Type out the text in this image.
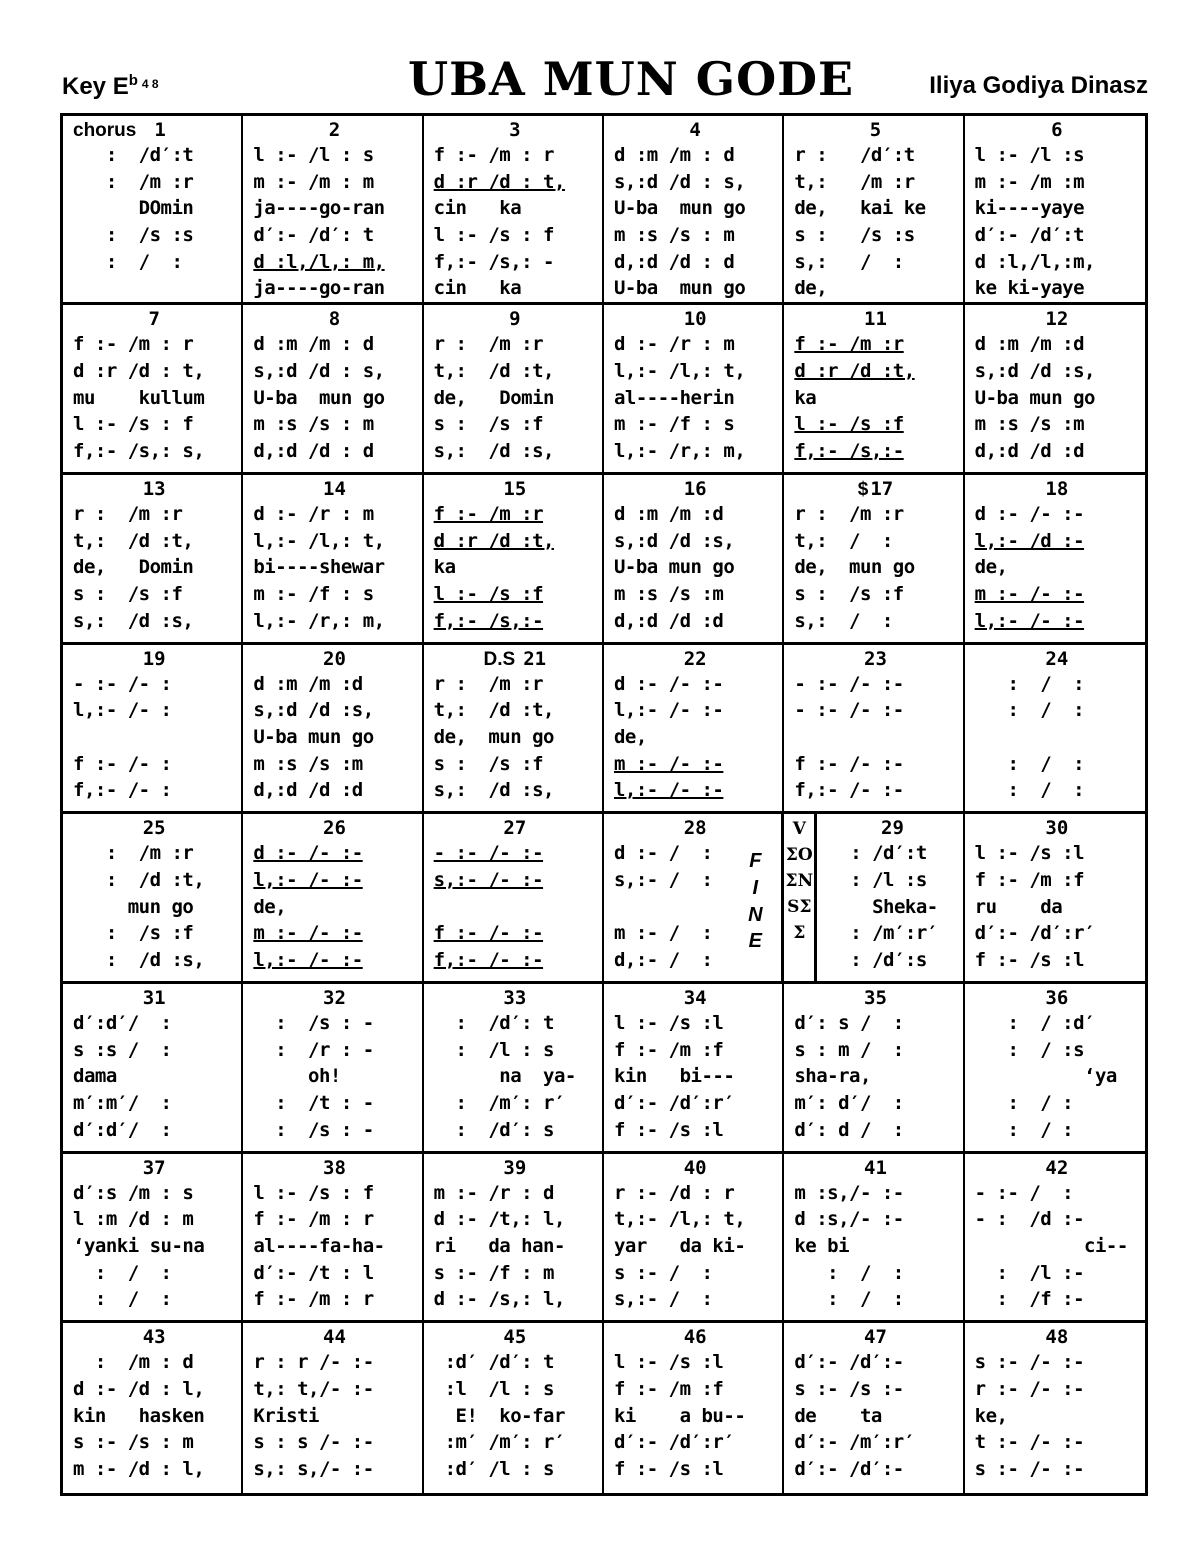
Key $E^b$ $^{4 8}$	UBA MUN GODE	Iliya Godiya Dinasz
chorus 1
:  /d′:t
:  /m :r
DOmin
:  /s :s
:  /  :
2
l :- /l : s
m :- /m : m
ja----go-ran
d′:- /d′: t
d :l,/l,: m,
ja----go-ran
3
f :- /m : r
d :r /d : t,
cin   ka
l :- /s : f
f,:- /s,: -
cin   ka
4
d :m /m : d
s,:d /d : s,
U-ba  mun go
m :s /s : m
d,:d /d : d
U-ba  mun go
5
r :   /d′:t
t,:   /m :r
de,   kai ke
s :   /s :s
s,:   /  :
de,
6
l :- /l :s
m :- /m :m
ki----yaye
d′:- /d′:t
d :l,/l,:m,
ke ki-yaye
7
f :- /m : r
d :r /d : t,
mu    kullum
l :- /s : f
f,:- /s,: s,
8
d :m /m : d
s,:d /d : s,
U-ba  mun go
m :s /s : m
d,:d /d : d
9
r :  /m :r
t,:  /d :t,
de,   Domin
s :  /s :f
s,:  /d :s,
10
d :- /r : m
l,:- /l,: t,
al----herin
m :- /f : s
l,:- /r,: m,
11
f :- /m :r
d :r /d :t,
ka
l :- /s :f
f,:- /s,:-
12
d :m /m :d
s,:d /d :s,
U-ba mun go
m :s /s :m
d,:d /d :d
13
r :  /m :r
t,:  /d :t,
de,   Domin
s :  /s :f
s,:  /d :s,
14
d :- /r : m
l,:- /l,: t,
bi----shewar
m :- /f : s
l,:- /r,: m,
15
f :- /m :r
d :r /d :t,
ka
l :- /s :f
f,:- /s,:-
16
d :m /m :d
s,:d /d :s,
U-ba mun go
m :s /s :m
d,:d /d :d
$ 17
r :  /m :r
t,:  /  :
de,  mun go
s :  /s :f
s,:  /  :
18
d :- /- :-
l,:- /d :-
de,
m :- /- :-
l,:- /- :-
19
- :- /- :
l,:- /- :
f :- /- :
f,:- /- :
20
d :m /m :d
s,:d /d :s,
U-ba mun go
m :s /s :m
d,:d /d :d
D.S 21
r :  /m :r
t,:  /d :t,
de,  mun go
s :  /s :f
s,:  /d :s,
22
d :- /- :-
l,:- /- :-
de,
m :- /- :-
l,:- /- :-
23
- :- /- :-
- :- /- :-
f :- /- :-
f,:- /- :-
24
:  /  :
:  /  :
:  /  :
:  /  :
25
:  /m :r
:  /d :t,
mun go
:  /s :f
:  /d :s,
26
d :- /- :-
l,:- /- :-
de,
m :- /- :-
l,:- /- :-
27
- :- /- :-
s,:- /- :-
f :- /- :-
f,:- /- :-
28
d :- /  :
s,:- /  :
m :- /  :
d,:- /  :
F
I
N
E
29
: /d′:t
: /l :s
Sheka-
: /m′:r′
: /d′:s
V
ΣΟ
ΣΝ
SΣ
Σ
30
l :- /s :l
f :- /m :f
ru    da
d′:- /d′:r′
f :- /s :l
31
d′:d′/  :
s :s /  :
dama
m′:m′/  :
d′:d′/  :
32
:  /s : -
:  /r : -
oh!
:  /t : -
:  /s : -
33
:  /d′: t
:  /l : s
na  ya-
:  /m′: r′
:  /d′: s
34
l :- /s :l
f :- /m :f
kin   bi---
d′:- /d′:r′
f :- /s :l
35
d′: s /  :
s : m /  :
sha-ra,
m′: d′/  :
d′: d /  :
36
:  / :d′
:  / :s
‘ya
:  / :
:  / :
37
d′:s /m : s
l :m /d : m
‘yanki su-na
:  /  :
:  /  :
38
l :- /s : f
f :- /m : r
al----fa-ha-
d′:- /t : l
f :- /m : r
39
m :- /r : d
d :- /t,: l,
ri   da han-
s :- /f : m
d :- /s,: l,
40
r :- /d : r
t,:- /l,: t,
yar   da ki-
s :- /  :
s,:- /  :
41
m :s,/- :-
d :s,/- :-
ke bi
:  /  :
:  /  :
42
- :- /  :
- :  /d :-
ci--
:  /l :-
:  /f :-
43
:  /m : d
d :- /d : l,
kin   hasken
s :- /s : m
m :- /d : l,
44
r : r /- :-
t,: t,/- :-
Kristi
s : s /- :-
s,: s,/- :-
45
:d′ /d′: t
:l  /l : s
E!  ko-far
:m′ /m′: r′
:d′ /l : s
46
l :- /s :l
f :- /m :f
ki    a bu--
d′:- /d′:r′
f :- /s :l
47
d′:- /d′:-
s :- /s :-
de    ta
d′:- /m′:r′
d′:- /d′:-
48
s :- /- :-
r :- /- :-
ke,
t :- /- :-
s :- /- :-
